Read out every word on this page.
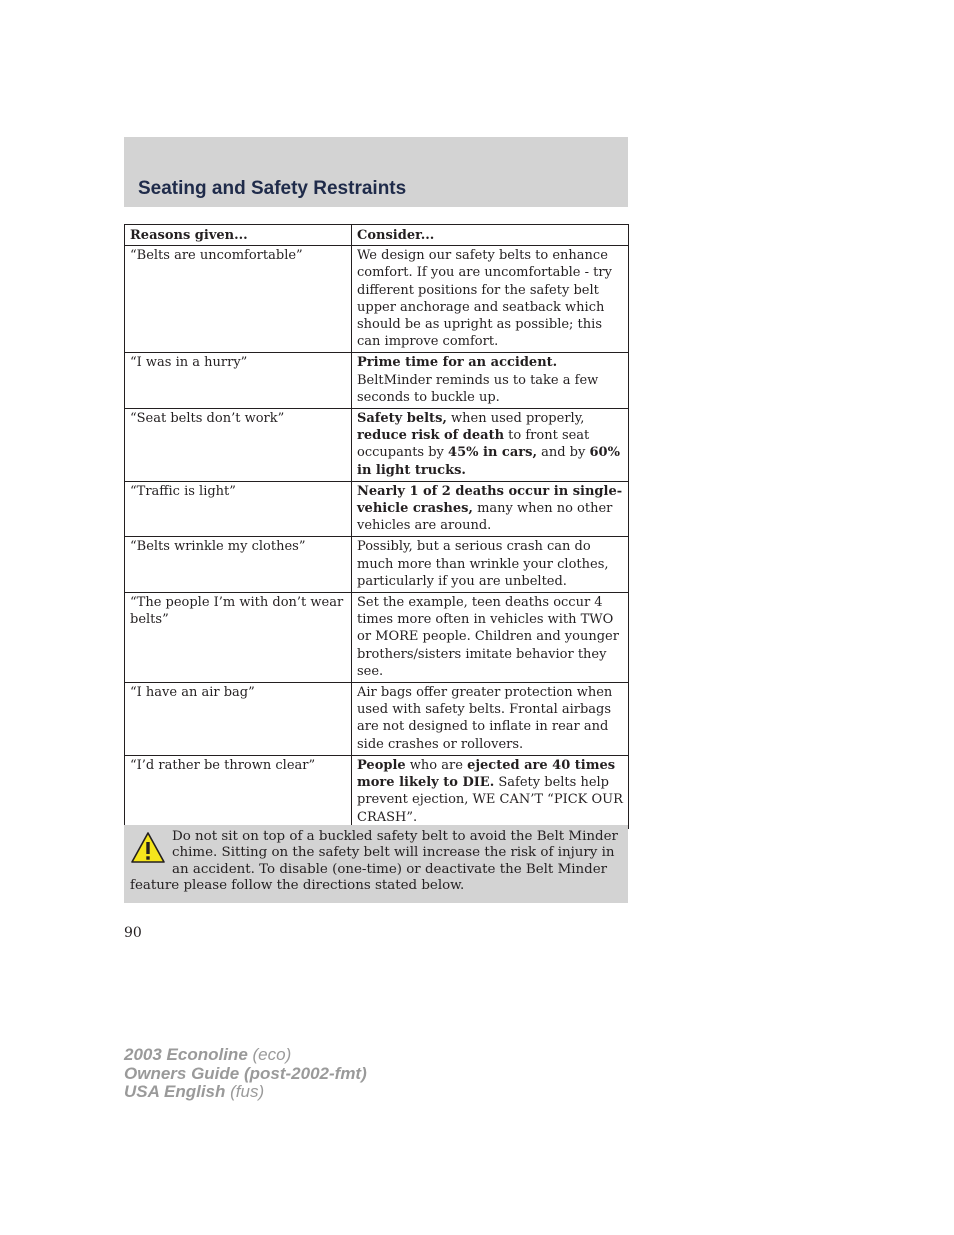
Seating and Safety Restraints
Reasons given...	Consider...
“Belts are uncomfortable”	We design our safety belts to enhance comfort. If you are uncomfortable - try different positions for the safety belt upper anchorage and seatback which should be as upright as possible; this can improve comfort.
“I was in a hurry”	Prime time for an accident. BeltMinder reminds us to take a few seconds to buckle up.
“Seat belts don’t work”	Safety belts, when used properly, reduce risk of death to front seat occupants by 45% in cars, and by 60% in light trucks.
“Traffic is light”	Nearly 1 of 2 deaths occur in single-vehicle crashes, many when no other vehicles are around.
“Belts wrinkle my clothes”	Possibly, but a serious crash can do much more than wrinkle your clothes, particularly if you are unbelted.
“The people I’m with don’t wear belts”	Set the example, teen deaths occur 4 times more often in vehicles with TWO or MORE people. Children and younger brothers/sisters imitate behavior they see.
“I have an air bag”	Air bags offer greater protection when used with safety belts. Frontal airbags are not designed to inflate in rear and side crashes or rollovers.
“I’d rather be thrown clear”	People who are ejected are 40 times more likely to DIE. Safety belts help prevent ejection, WE CAN’T “PICK OUR CRASH”.
Do not sit on top of a buckled safety belt to avoid the Belt Minder chime. Sitting on the safety belt will increase the risk of injury in an accident. To disable (one-time) or deactivate the Belt Minder feature please follow the directions stated below.
90
2003 Econoline (eco)
Owners Guide (post-2002-fmt)
USA English (fus)
